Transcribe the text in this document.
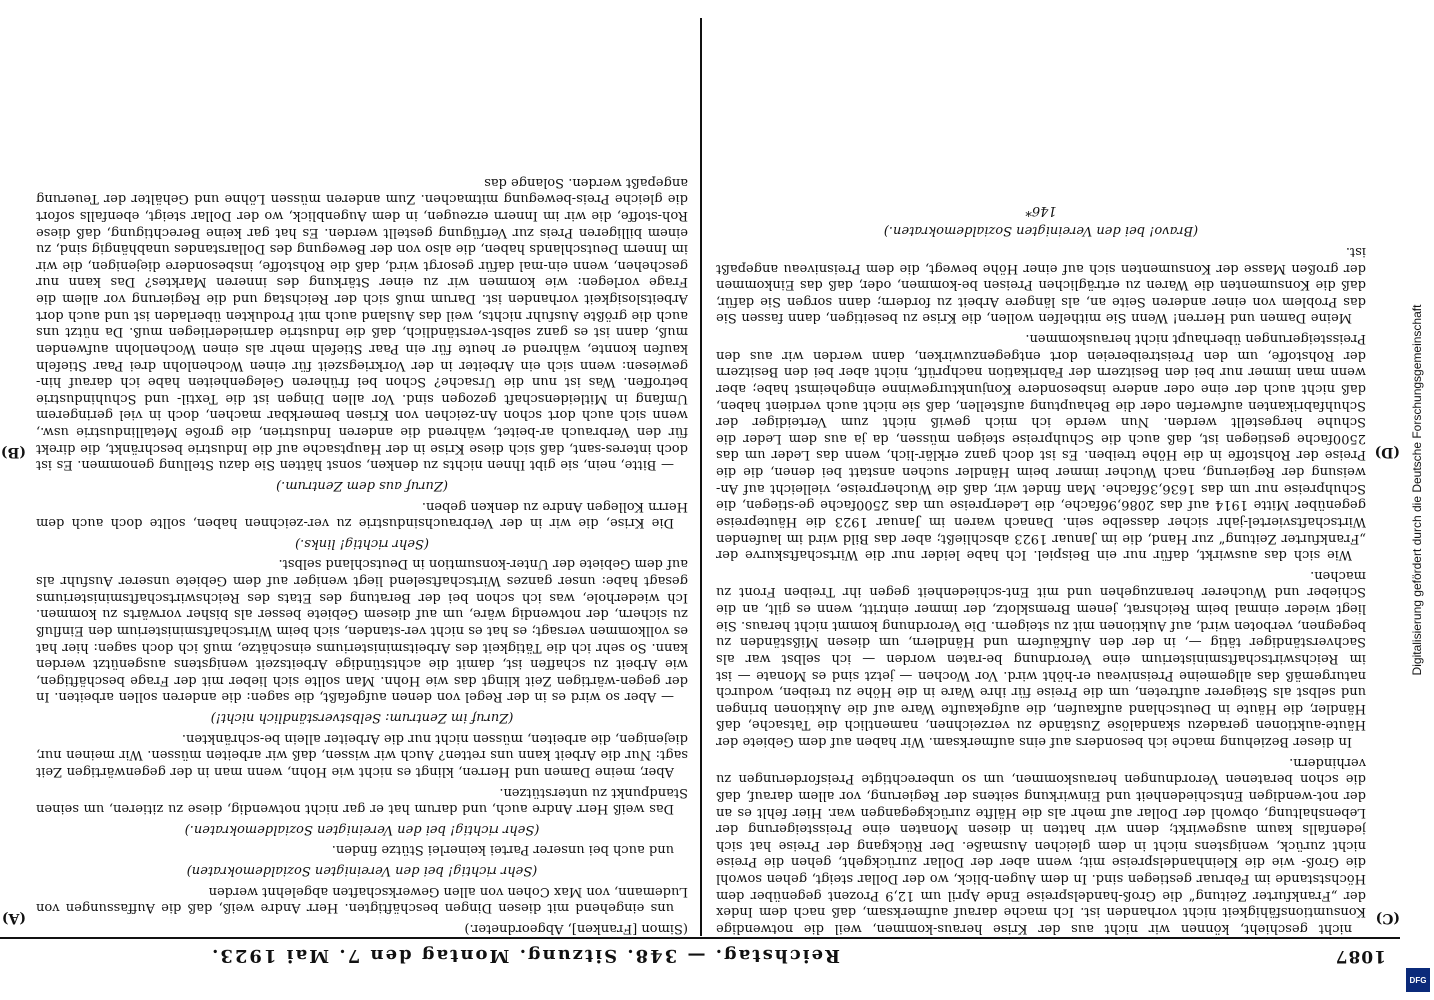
1087
Reichstag. — 348. Sitzung. Montag den 7. Mai 1923.
(C)
(D)
(A)
(B)

nicht geschieht, können wir nicht aus der Krise heraus-kommen, weil die notwendige Konsumtionsfähigkeit nicht vorhanden ist. Ich mache darauf aufmerksam, daß nach dem Index der „Frankfurter Zeitung“ die Groß-handelspreise Ende April um 12,9 Prozent gegenüber dem Höchststande im Februar gestiegen sind. In dem Augen-blick, wo der Dollar steigt, gehen sowohl die Groß- wie die Kleinhandelspreise mit; wenn aber der Dollar zurückgeht, gehen die Preise nicht zurück, wenigstens nicht in dem gleichen Ausmaße. Der Rückgang der Preise hat sich jedenfalls kaum ausgewirkt; denn wir hatten in diesen Monaten eine Preissteigerung der Lebenshaltung, obwohl der Dollar auf mehr als die Hälfte zurückgegangen war. Hier fehlt es an der not-wendigen Entschiedenheit und Einwirkung seitens der Regierung, vor allem darauf, daß die schon beratenen Verordnungen herauskommen, um so unberechtigte Preisforderungen zu verhindern.

In dieser Beziehung mache ich besonders auf eins aufmerksam. Wir haben auf dem Gebiete der Häute-auktionen geradezu skandalöse Zustände zu verzeichnen, namentlich die Tatsache, daß Händler, die Häute in Deutschland aufkaufen, die aufgekaufte Ware auf die Auktionen bringen und selbst als Steigerer auftreten, um die Preise für ihre Ware in die Höhe zu treiben, wodurch naturgemäß das allgemeine Preisniveau er-höht wird. Vor Wochen — jetzt sind es Monate — ist im Reichswirtschaftsministerium eine Verordnung be-raten worden — ich selbst war als Sachverständiger tätig —, in der den Aufkäufern und Händlern, um diesen Mißständen zu begegnen, verboten wird, auf Auktionen mit zu steigern. Die Verordnung kommt nicht heraus. Sie liegt wieder einmal beim Reichsrat, jenem Bremsklotz, der immer eintritt, wenn es gilt, an die Schieber und Wucherer heranzugehen und mit Ent-schiedenheit gegen ihr Treiben Front zu machen.

Wie sich das auswirkt, dafür nur ein Beispiel. Ich habe leider nur die Wirtschaftskurve der „Frankfurter Zeitung“ zur Hand, die im Januar 1923 abschließt; aber das Bild wird im laufenden Wirtschaftsviertel-jahr sicher dasselbe sein. Danach waren im Januar 1923 die Häutepreise gegenüber Mitte 1914 auf das 2086,96fache, die Lederpreise um das 2500fache ge-stiegen, die Schuhpreise nur um das 1636,36fache. Man findet wir, daß die Wucherpreise, vielleicht auf An-weisung der Regierung, nach Wucher immer beim Händler suchen anstatt bei denen, die die Preise der Rohstoffe in die Höhe treiben. Es ist doch ganz erklär-lich, wenn das Leder um das 2500fache gestiegen ist, daß auch die Schuhpreise steigen müssen, da ja aus dem Leder die Schuhe hergestellt werden. Nun werde ich mich gewiß nicht zum Verteidiger der Schuhfabrikanten aufwerfen oder die Behauptung aufstellen, daß sie nicht auch verdient haben, daß nicht auch der eine oder andere insbesondere Konjunkturgewinne eingeheimst habe; aber wenn man immer nur bei den Besitzern der Fabrikation nachprüft, nicht aber bei den Besitzern der Rohstoffe, um den Preistreibereien dort entgegenzuwirken, dann werden wir aus den Preissteigerungen überhaupt nicht herauskommen.

Meine Damen und Herren! Wenn Sie mithelfen wollen, die Krise zu beseitigen, dann fassen Sie das Problem von einer anderen Seite an, als längere Arbeit zu fordern; dann sorgen Sie dafür, daß die Konsumenten die Waren zu erträglichen Preisen be-kommen, oder, daß das Einkommen der großen Masse der Konsumenten sich auf einer Höhe bewegt, die dem Preisniveau angepaßt ist.

(Bravo! bei den Vereinigten Sozialdemokraten.)

146*

(Simon [Franken], Abgeordneter.)

uns eingehend mit diesen Dingen beschäftigten. Herr Andre weiß, daß die Auffassungen von Ludemann, von Max Cohen von allen Gewerkschaften abgelehnt werden

(Sehr richtig! bei den Vereinigten Sozialdemokraten)

und auch bei unserer Partei keinerlei Stütze finden.

(Sehr richtig! bei den Vereinigten Sozialdemokraten.)

Das weiß Herr Andre auch, und darum hat er gar nicht notwendig, diese zu zitieren, um seinen Standpunkt zu unterstützen.

Aber, meine Damen und Herren, klingt es nicht wie Hohn, wenn man in der gegenwärtigen Zeit sagt: Nur die Arbeit kann uns retten? Auch wir wissen, daß wir arbeiten müssen. Wir meinen nur, diejenigen, die arbeiten, müssen nicht nur die Arbeiter allein be-schränkten.

(Zuruf im Zentrum: Selbstverständlich nicht!)

— Aber so wird es in der Regel von denen aufgefaßt, die sagen: die anderen sollen arbeiten. In der gegen-wärtigen Zeit klingt das wie Hohn. Man sollte sich lieber mit der Frage beschäftigen, wie Arbeit zu schaffen ist, damit die achtstündige Arbeitszeit wenigstens ausgenützt werden kann. So sehr ich die Tätigkeit des Arbeitsministeriums einschätze, muß ich doch sagen: hier hat es vollkommen versagt; es hat es nicht ver-standen, sich beim Wirtschaftsministerium den Einfluß zu sichern, der notwendig wäre, um auf diesem Gebiete besser als bisher vorwärts zu kommen. Ich wiederhole, was ich schon bei der Beratung des Etats des Reichswirtschaftsministeriums gesagt habe: unser ganzes Wirtschaftselend liegt weniger auf dem Gebiete unserer Ausfuhr als auf dem Gebiete der Unter-konsumtion in Deutschland selbst.

(Sehr richtig! links.)

Die Krise, die wir in der Verbrauchsindustrie zu ver-zeichnen haben, sollte doch auch dem Herrn Kollegen Andre zu denken geben.

(Zuruf aus dem Zentrum.)

— Bitte, nein, sie gibt Ihnen nichts zu denken, sonst hätten Sie dazu Stellung genommen. Es ist doch interes-sant, daß sich diese Krise in der Hauptsache auf die Industrie beschränkt, die direkt für den Verbrauch ar-beitet, während die anderen Industrien, die große Metallindustrie usw., wenn sich auch dort schon An-zeichen von Krisen bemerkbar machen, doch in viel geringerem Umfang in Mitleidenschaft gezogen sind. Vor allen Dingen ist die Textil- und Schuhindustrie betroffen. Was ist nun die Ursache? Schon bei früheren Gelegenheiten habe ich darauf hin-gewiesen: wenn sich ein Arbeiter in der Vorkriegszeit für einen Wochenlohn drei Paar Stiefeln kaufen konnte, während er heute für ein Paar Stiefeln mehr als einen Wochenlohn aufwenden muß, dann ist es ganz selbst-verständlich, daß die Industrie darniederliegen muß. Da nützt uns auch die größte Ausfuhr nichts, weil das Ausland auch mit Produkten überladen ist und auch dort Arbeitslosigkeit vorhanden ist. Darum muß sich der Reichstag und die Regierung vor allem die Frage vorlegen: wie kommen wir zu einer Stärkung des inneren Marktes? Das kann nur geschehen, wenn ein-mal dafür gesorgt wird, daß die Rohstoffe, insbesondere diejenigen, die wir im Innern Deutschlands haben, die also von der Bewegung des Dollarstandes unabhängig sind, zu einem billigeren Preis zur Verfügung gestellt werden. Es hat gar keine Berechtigung, daß diese Roh-stoffe, die wir im Innern erzeugen, in dem Augenblick, wo der Dollar steigt, ebenfalls sofort die gleiche Preis-bewegung mitmachen. Zum anderen müssen Löhne und Gehälter der Teuerung angepaßt werden. Solange das

Digitalisierung gefördert durch die Deutsche Forschungsgemeinschaft
DFG
